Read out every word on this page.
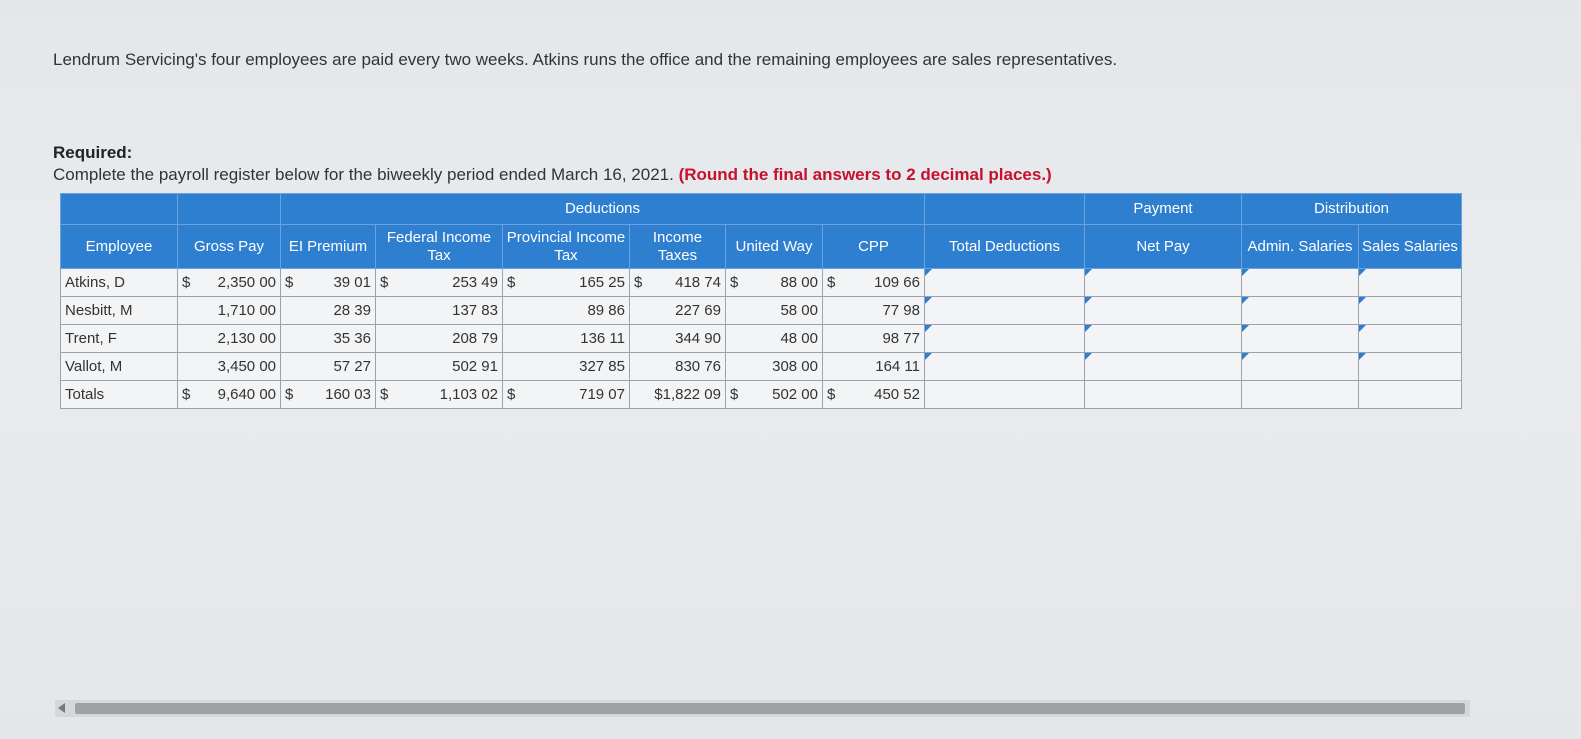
Lendrum Servicing's four employees are paid every two weeks. Atkins runs the office and the remaining employees are sales representatives.
Required:
Complete the payroll register below for the biweekly period ended March 16, 2021. (Round the final answers to 2 decimal places.)
		Deductions							Payment	Distribution	
Employee	Gross Pay	EI Premium	Federal Income Tax	Provincial Income Tax	Income Taxes	United Way	CPP	Total Deductions	Net Pay	Admin. Salaries	Sales Salaries
Atkins, D	$ 2,350 00	$ 39 01	$ 253 49	$ 165 25	$ 418 74	$ 88 00	$ 109 66				
Nesbitt, M	1,710 00	28 39	137 83	89 86	227 69	58 00	77 98				
Trent, F	2,130 00	35 36	208 79	136 11	344 90	48 00	98 77				
Vallot, M	3,450 00	57 27	502 91	327 85	830 76	308 00	164 11				
Totals	$ 9,640 00	$ 160 03	$ 1,103 02	$ 719 07	$1,822 09	$ 502 00	$ 450 52				
